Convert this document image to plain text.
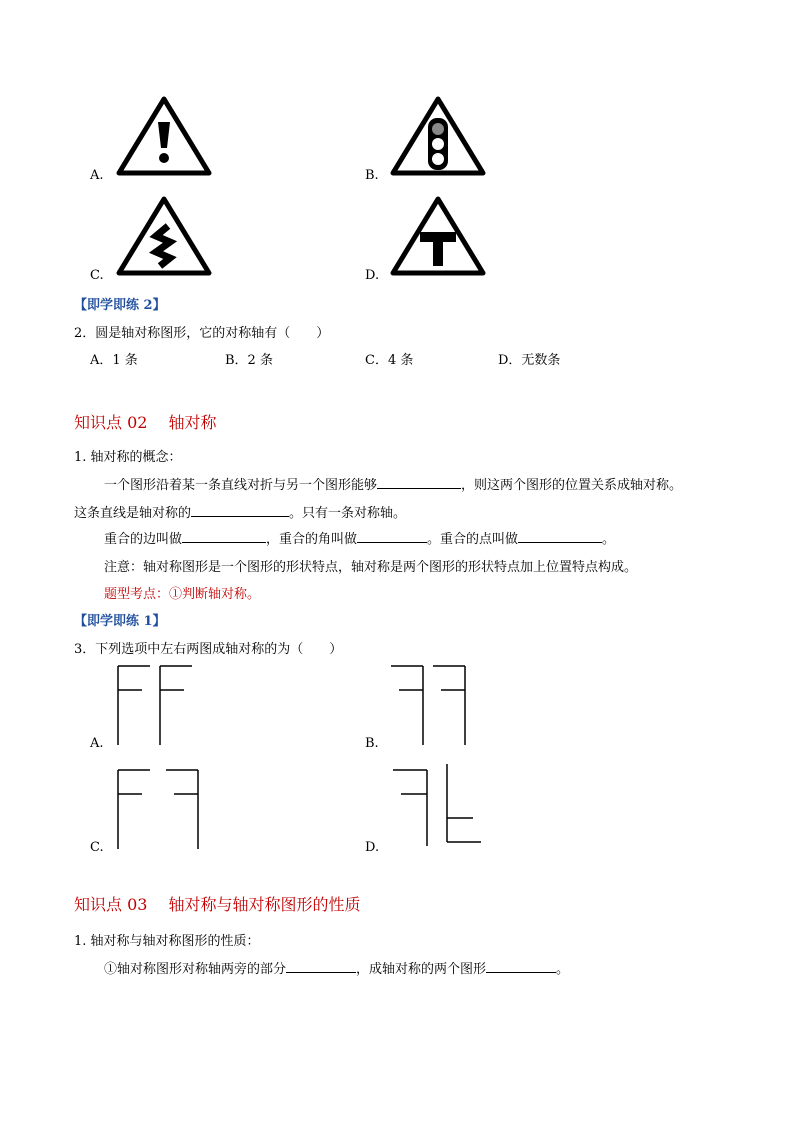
A.	B.
C.	D.
【即学即练 2】
2．圆是轴对称图形，它的对称轴有（　　）
A．1 条	B．2 条	C．4 条	D．无数条
知识点 02　 轴对称
1. 轴对称的概念：
一个图形沿着某一条直线对折与另一个图形能够	，则这两个图形的位置关系成轴对称。
这条直线是轴对称的	。只有一条对称轴。
重合的边叫做	，重合的角叫做	。重合的点叫做	。
注意：轴对称图形是一个图形的形状特点，轴对称是两个图形的形状特点加上位置特点构成。
题型考点：①判断轴对称。
【即学即练 1】
3．下列选项中左右两图成轴对称的为（　　）
A.	B.
C.	D.
知识点 03　 轴对称与轴对称图形的性质
1. 轴对称与轴对称图形的性质：
①轴对称图形对称轴两旁的部分	，成轴对称的两个图形	。
